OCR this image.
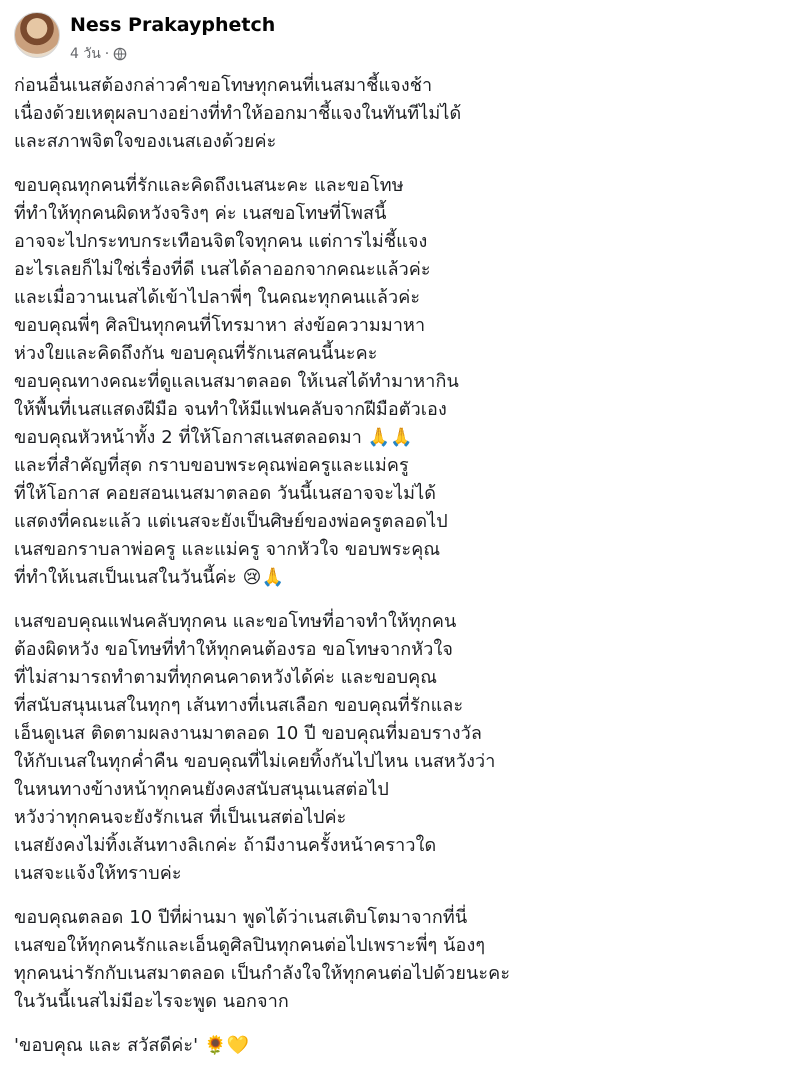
Ness Prakayphetch
4 วัน ·
ก่อนอื่นเนสต้องกล่าวคำขอโทษทุกคนที่เนสมาชี้แจงช้า
เนื่องด้วยเหตุผลบางอย่างที่ทำให้ออกมาชี้แจงในทันทีไม่ได้
และสภาพจิตใจของเนสเองด้วยค่ะ
ขอบคุณทุกคนที่รักและคิดถึงเนสนะคะ และขอโทษ
ที่ทำให้ทุกคนผิดหวังจริงๆ ค่ะ เนสขอโทษที่โพสนี้
อาจจะไปกระทบกระเทือนจิตใจทุกคน แต่การไม่ชี้แจง
อะไรเลยก็ไม่ใช่เรื่องที่ดี เนสได้ลาออกจากคณะแล้วค่ะ
และเมื่อวานเนสได้เข้าไปลาพี่ๆ ในคณะทุกคนแล้วค่ะ
ขอบคุณพี่ๆ ศิลปินทุกคนที่โทรมาหา ส่งข้อความมาหา
ห่วงใยและคิดถึงกัน ขอบคุณที่รักเนสคนนี้นะคะ
ขอบคุณทางคณะที่ดูแลเนสมาตลอด ให้เนสได้ทำมาหากิน
ให้พื้นที่เนสแสดงฝีมือ จนทำให้มีแฟนคลับจากฝีมือตัวเอง
ขอบคุณหัวหน้าทั้ง 2 ที่ให้โอกาสเนสตลอดมา 🙏🙏
และที่สำคัญที่สุด กราบขอบพระคุณพ่อครูและแม่ครู
ที่ให้โอกาส คอยสอนเนสมาตลอด วันนี้เนสอาจจะไม่ได้
แสดงที่คณะแล้ว แต่เนสจะยังเป็นศิษย์ของพ่อครูตลอดไป
เนสขอกราบลาพ่อครู และแม่ครู จากหัวใจ ขอบพระคุณ
ที่ทำให้เนสเป็นเนสในวันนี้ค่ะ 😢🙏
เนสขอบคุณแฟนคลับทุกคน และขอโทษที่อาจทำให้ทุกคน
ต้องผิดหวัง ขอโทษที่ทำให้ทุกคนต้องรอ ขอโทษจากหัวใจ
ที่ไม่สามารถทำตามที่ทุกคนคาดหวังได้ค่ะ และขอบคุณ
ที่สนับสนุนเนสในทุกๆ เส้นทางที่เนสเลือก ขอบคุณที่รักและ
เอ็นดูเนส ติดตามผลงานมาตลอด 10 ปี ขอบคุณที่มอบรางวัล
ให้กับเนสในทุกค่ำคืน ขอบคุณที่ไม่เคยทิ้งกันไปไหน เนสหวังว่า
ในหนทางข้างหน้าทุกคนยังคงสนับสนุนเนสต่อไป
หวังว่าทุกคนจะยังรักเนส ที่เป็นเนสต่อไปค่ะ
เนสยังคงไม่ทิ้งเส้นทางลิเกค่ะ ถ้ามีงานครั้งหน้าคราวใด
เนสจะแจ้งให้ทราบค่ะ
ขอบคุณตลอด 10 ปีที่ผ่านมา พูดได้ว่าเนสเติบโตมาจากที่นี่
เนสขอให้ทุกคนรักและเอ็นดูศิลปินทุกคนต่อไปเพราะพี่ๆ น้องๆ
ทุกคนน่ารักกับเนสมาตลอด เป็นกำลังใจให้ทุกคนต่อไปด้วยนะคะ
ในวันนี้เนสไม่มีอะไรจะพูด นอกจาก
'ขอบคุณ และ สวัสดีค่ะ' 🌻💛
